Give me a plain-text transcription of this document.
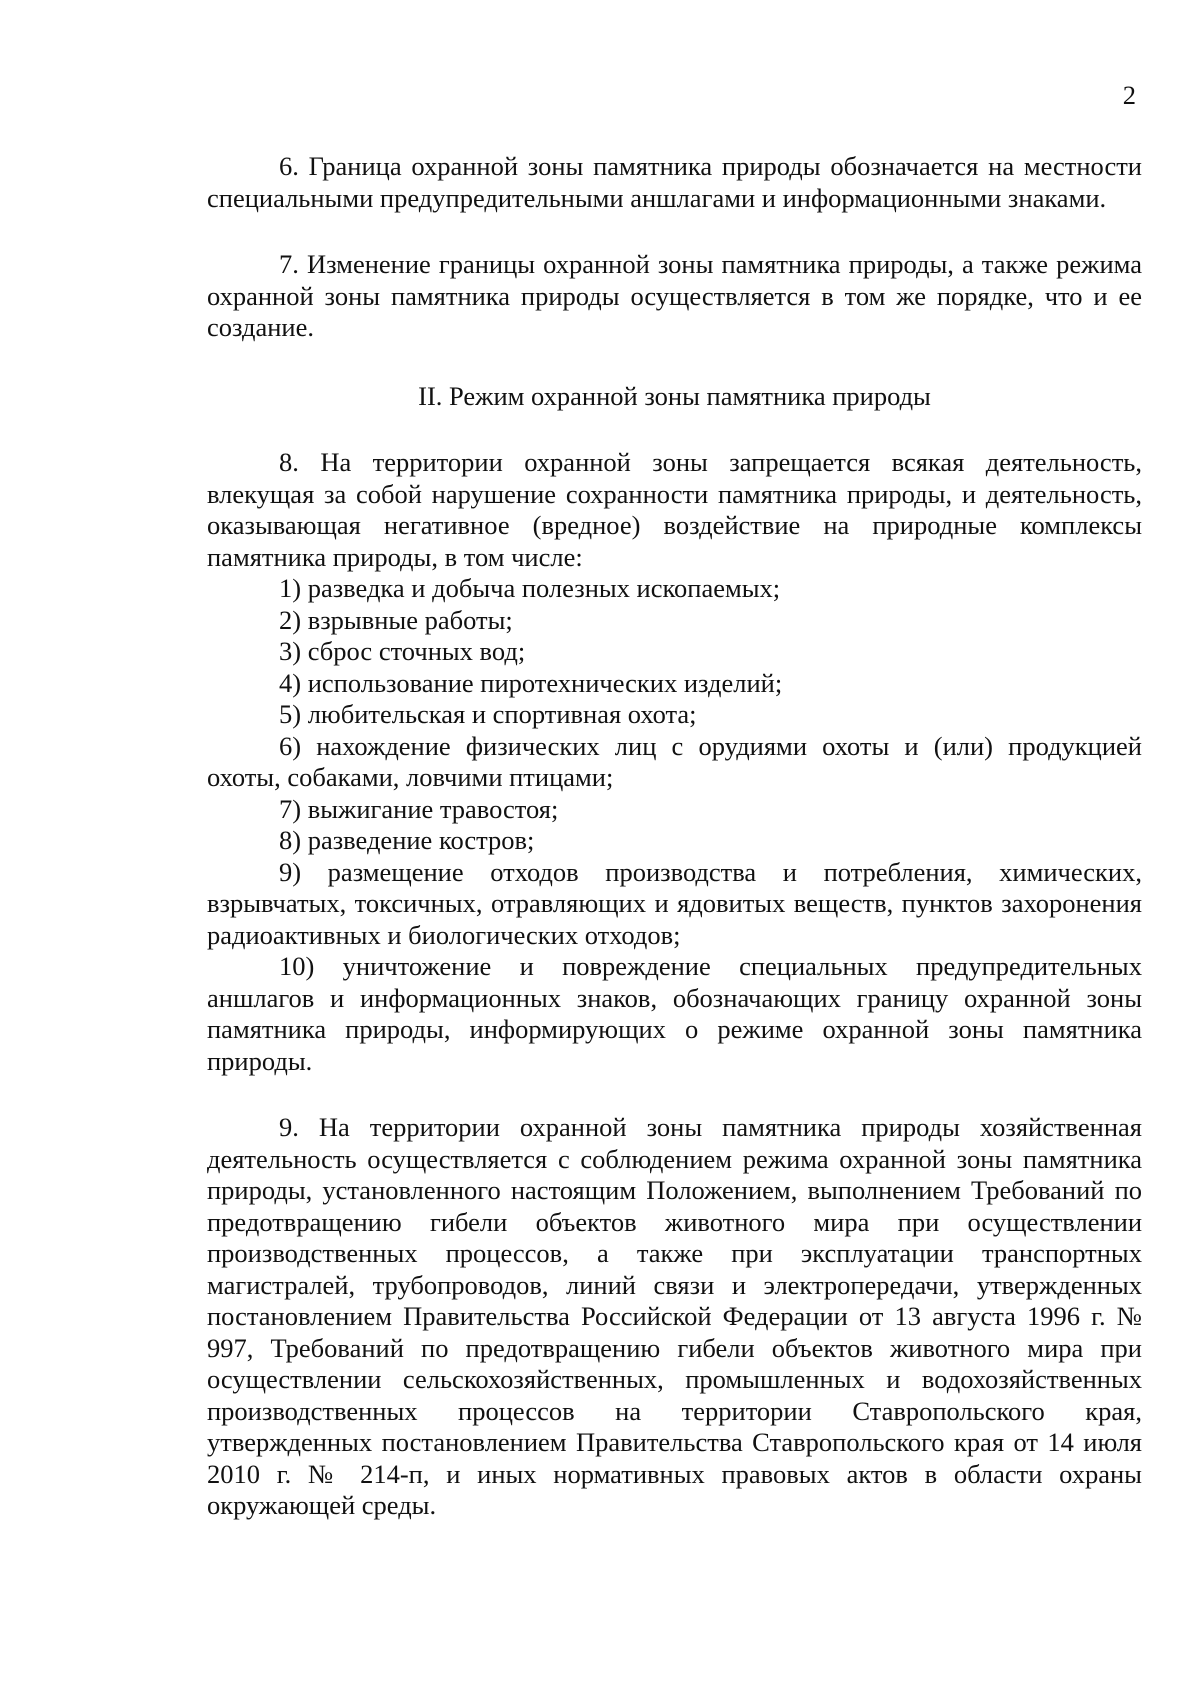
2

6. Граница охранной зоны памятника природы обозначается на местности специальными предупредительными аншлагами и информационными знаками.

7. Изменение границы охранной зоны памятника природы, а также режима охранной зоны памятника природы осуществляется в том же порядке, что и ее создание.

II. Режим охранной зоны памятника природы

8. На территории охранной зоны запрещается всякая деятельность, влекущая за собой нарушение сохранности памятника природы, и деятельность, оказывающая негативное (вредное) воздействие на природные комплексы памятника природы, в том числе:

1) разведка и добыча полезных ископаемых;

2) взрывные работы;

3) сброс сточных вод;

4) использование пиротехнических изделий;

5) любительская и спортивная охота;

6) нахождение физических лиц с орудиями охоты и (или) продукцией охоты, собаками, ловчими птицами;

7) выжигание травостоя;

8) разведение костров;

9) размещение отходов производства и потребления, химических, взрывчатых, токсичных, отравляющих и ядовитых веществ, пунктов захоронения радиоактивных и биологических отходов;

10) уничтожение и повреждение специальных предупредительных аншлагов и информационных знаков, обозначающих границу охранной зоны памятника природы, информирующих о режиме охранной зоны памятника природы.

9. На территории охранной зоны памятника природы хозяйственная деятельность осуществляется с соблюдением режима охранной зоны памятника природы, установленного настоящим Положением, выполнением Требований по предотвращению гибели объектов животного мира при осуществлении производственных процессов, а также при эксплуатации транспортных магистралей, трубопроводов, линий связи и электропередачи, утвержденных постановлением Правительства Российской Федерации от 13 августа 1996 г. № 997, Требований по предотвращению гибели объектов животного мира при осуществлении сельскохозяйственных, промышленных и водохозяйственных производственных процессов на территории Ставропольского края, утвержденных постановлением Правительства Ставропольского края от 14 июля 2010 г. № 214-п, и иных нормативных правовых актов в области охраны окружающей среды.
